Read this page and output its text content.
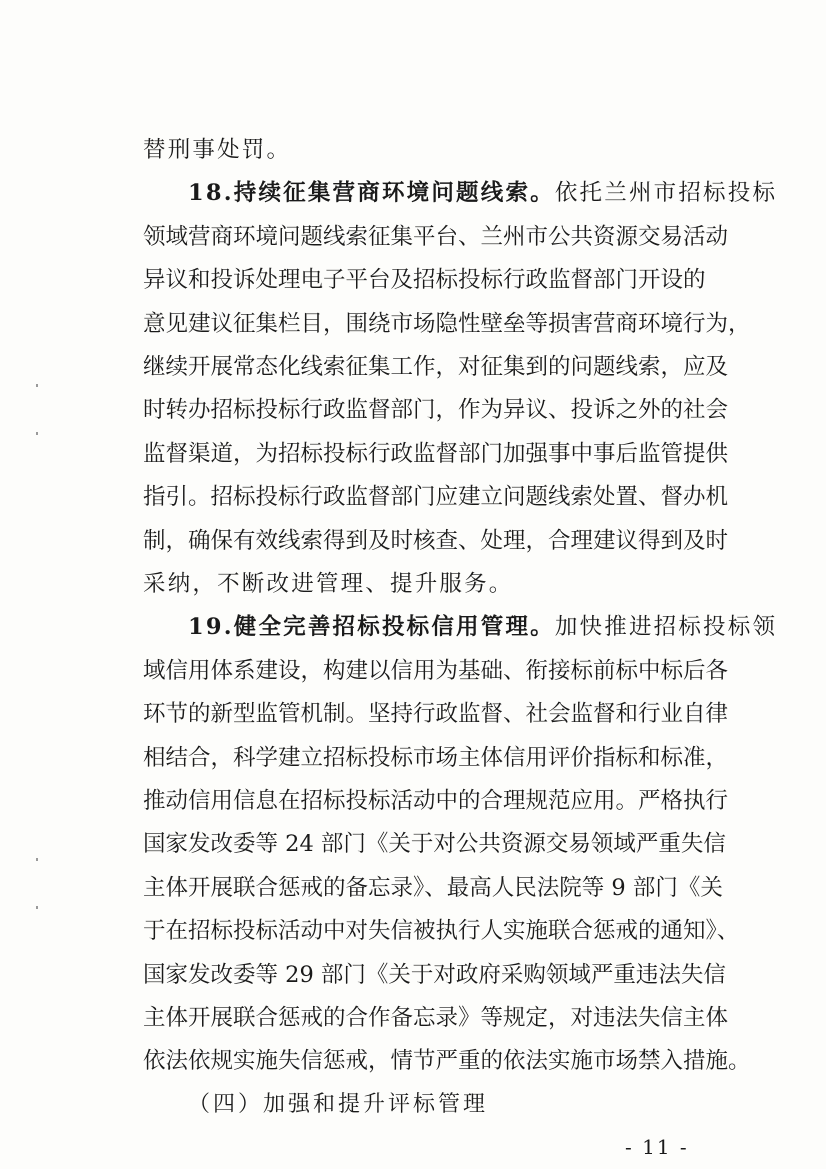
替刑事处罚。
18.持续征集营商环境问题线索。依托兰州市招标投标
领域营商环境问题线索征集平台、兰州市公共资源交易活动
异议和投诉处理电子平台及招标投标行政监督部门开设的
意见建议征集栏目，围绕市场隐性壁垒等损害营商环境行为，
继续开展常态化线索征集工作，对征集到的问题线索，应及
时转办招标投标行政监督部门，作为异议、投诉之外的社会
监督渠道，为招标投标行政监督部门加强事中事后监管提供
指引。招标投标行政监督部门应建立问题线索处置、督办机
制，确保有效线索得到及时核查、处理，合理建议得到及时
采纳，不断改进管理、提升服务。
19.健全完善招标投标信用管理。加快推进招标投标领
域信用体系建设，构建以信用为基础、衔接标前标中标后各
环节的新型监管机制。坚持行政监督、社会监督和行业自律
相结合，科学建立招标投标市场主体信用评价指标和标准，
推动信用信息在招标投标活动中的合理规范应用。严格执行
国家发改委等 24 部门《关于对公共资源交易领域严重失信
主体开展联合惩戒的备忘录》、最高人民法院等 9 部门《关
于在招标投标活动中对失信被执行人实施联合惩戒的通知》、
国家发改委等 29 部门《关于对政府采购领域严重违法失信
主体开展联合惩戒的合作备忘录》等规定，对违法失信主体
依法依规实施失信惩戒，情节严重的依法实施市场禁入措施。
（四）加强和提升评标管理
- 11 -
